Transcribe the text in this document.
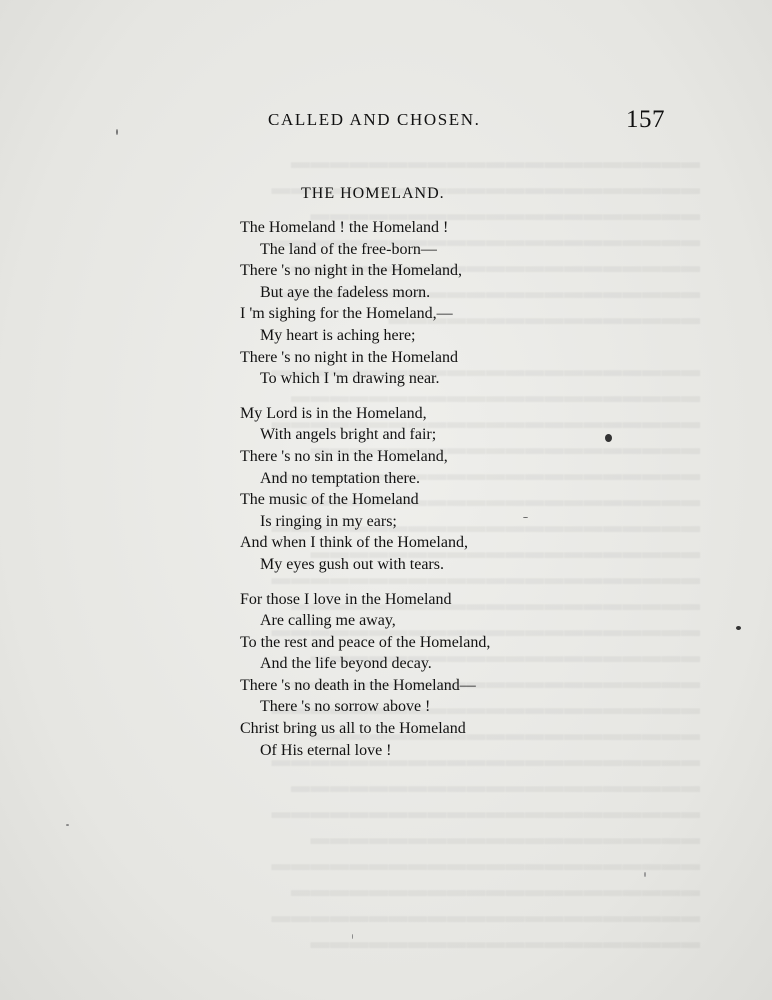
CALLED AND CHOSEN.	157
THE HOMELAND.
The Homeland ! the Homeland !
The land of the free-born—
There 's no night in the Homeland,
But aye the fadeless morn.
I 'm sighing for the Homeland,—
My heart is aching here;
There 's no night in the Homeland
To which I 'm drawing near.
My Lord is in the Homeland,
With angels bright and fair;
There 's no sin in the Homeland,
And no temptation there.
The music of the Homeland
Is ringing in my ears;
And when I think of the Homeland,
My eyes gush out with tears.
For those I love in the Homeland
Are calling me away,
To the rest and peace of the Homeland,
And the life beyond decay.
There 's no death in the Homeland—
There 's no sorrow above !
Christ bring us all to the Homeland
Of His eternal love !
